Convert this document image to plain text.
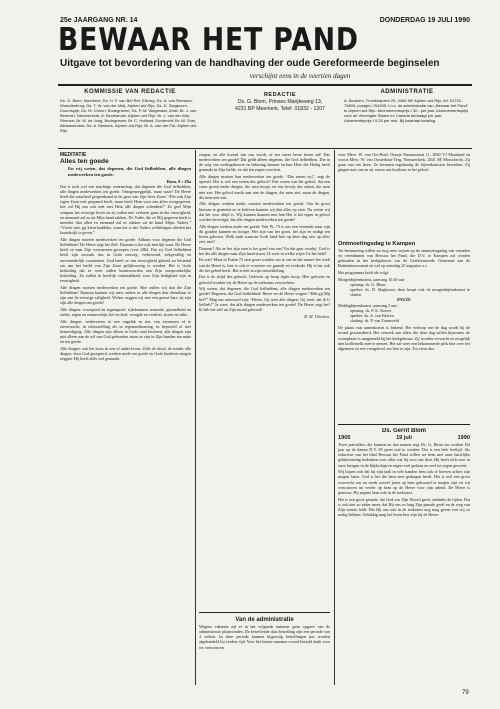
25e JAARGANG NR. 14	DONDERDAG 19 JULI 1990
BEWAAR HET PAND
Uitgave tot bevordering van de handhaving der oude Gereformeerde beginselen
verschijnt eens in de veertien dagen
KOMMISSIE VAN REDACTIE
Ds. G. Blom, Meerkerk; Ds. H. F. van Bel Ret. Ellerug; Ds. A. van Renssen, Woerdenburg; Ds. T. W. van der Meij, Alphen a/d Rijn; Ds. D. Slagboom, Doornspijk; Ds. M. Chiron, Bodegraven; Ds. P. M. Wagenaar, Zeist; Br. J. van Bemmel, Nieuwerkerk; A. Bevelander, Alphen a/d Rijn; Br. J. van der Wal, Rhenen; Br. W. de Jong, Bodegraven; Br. C. Hofland, Dordrecht; Br. W. Snel, Alblasserdam; Ds. A. Beukers, Alphen a/d Rijn; Br. A. van der Pol, Alphen a/d Rijn.
REDACTIE
Ds. G. Blom, Prinses Marijkeweg 13,
4231 BP Meerkerk, Telef. 01832 - 1207
ADMINISTRATIE
A. Beukers, Troelstraplein 29, 2406 NE Alphen a/d Rijn, tel. 01720 - 75605, postgiro 764305, t.n.v. de administratie van „Bewaar het Pand” te Alphen a/d Rijn. Abonnementsprijs f 32,- per jaar. Abonnementsprijs voor de Verenigde Staten en Canada bedraagt per jaar. Advertentieprijs f 0,25 per mm. Bij kwartaal betaling.
MEDITATIE
Alles ten goede

En wij weten, dat degenen, die God liefhebben, alle dingen medewerken ten goede.

Rom. 8 : 28a

Dat is toch wel een machtige wetenschap, dat degenen die God liefhebben, alle dingen medewerken ten goede. Ontegenzeggelijk, maar waar? De Heere heeft die waarheid geopenbaard in de gave van Zijn lieve Zoon! “Die ook Zijn eigen Zoon niet gespaard heeft, maar heeft Hem voor ons allen overgegeven, hoe zal Hij ons ook niet met Hem alle dingen schenken?” Ze geel Mijn schapen het eeuwige leven en zij zullen niet verloren gaan in der eeuwigheid, en niemand zal ze uit Mijn hand rukken. De Vader, die ze Mij gegeven heeft is meerder dan allen en niemand zal ze rukken uit de hand Mijns Vaders.” “Vreest niet, gij klein kuddeke, want het is des Vaders welbehagen ulieden het koninkrijk te geven.”

Alle dingen moeten medewerken ten goede. Althans voor degenen die God liefhebben! De Heere zegt het Zelf. Daarom is het ook heerlijk waar. De Heere heeft ze naar Zijn voornemen geroepen (vers 28b). Dat zij God liefhebben heeft zijn oorzaak dus in Gods eeuwig, verkiezend, welgevallig en onveranderlijk voornemen. God heeft ze van eeuwigheid gekend en bestemd om aan het beeld van Zijn Zoon gelijkvormig te worden. Het is Gods bedoeling dat ze weer zullen beantwoorden aan Zijn oorspronkelijke bedoeling. Ze zullen in heerlijk volmaaktheid voor Zijn heiligheid zijn in eeuwigheid.

Alle dingen moeten medewerken ten goede. Hoe zullen wij dan die Zijn liefhebben! Daarom kunnen wij niets anders in alle dingen dan dienstbaar te zijn aan de eeuwige zaligheid. Weleer zeggen wij met een gerust hart: zij zijn zijn alle dingen ten goede!

Alle dingen: voorspoed en tegenspoed, rijkdommen armoede, gezondheid en ziekte, regen en zonneschijn, lief en leed, vreugde en verdriet, storm en stilte.

Alle dingen: wedervaren in een ongeluk in iets van toenemen of te onverwacht, in teleurstelling als in tegemoetkoming, in beproefd of met bemoediging. Alle dingen zijn alleen in Gods raad besloten, alle dingen zijn niet alleen aan de wil van God gebonden, maar ze zijn in Zijn handen ten nutte en ten goede.

Alle dingen: ook het kruis in een of ander leven. Zelfs de dood, de zonde; alle dingen, door God geregeerd, werken mede ten goede en Gods kinderen mogen zeggen: Hij heeft alles wel gemaakt.

zorgen, en alle kwaad van ons wordt, of ten onzes beste keren zal! Das medewerken ten goede! Dat geldt alleen degenen, die God liefhebben. Die in de weg van wedergeboorte en bekering kennen en hun Heer die Heilig heeft gemaakt in Zijn liefde, en dat ten zegen voor hen.

Alle dingen moeten hun medewerken ten goede. “Dat weten wij”, zegt de apostel. Het is wel een weten des geloofs! Een weten van het geloof, dat een vaste grond onder dingen, die men hoopt, en een bewijs der zaken, die men niet ziet. Het geloof merkt aan niet de dingen, die men ziet, maar de dingen, die men niet ziet.

Alle dingen werken mede, moeten medewerken ten goede. Om de groot hiervan te genieten en te beleven kunnen wij dan alles op zien. Nu weten wij dat het voor altijd is. Wij kunnen daarom met hun Het is het eigen in geloof worden bevestigd, dat alle dingen medewerken ten goede!

Alle dingen werken mede ten goede. Wat Ps. 73 is ons een vreemde waar zijn dit gouden kunnen en hoogte. Het zijn van het groot, het zijn en nodigt ten leven geboren. Welk zaak waarom Gods kind hier op deze dag niet op alles ziet, niet?

Daarom? Als ze het zijn zien is het goed van ons! En dat gaat voorbij. God is het die alle dingen naar Zijn hand stuurt. Ik weet in welke wijze Ge het hebt?

En wat? Maar in Psalm 73 zien gezet worden om te ons en het nauwe het werk van de Heere is, hier is ook te voorzien ver gaande en verdrukt. Hij is het ook die het gebed heeft. Het is niet in zijn ontwikkeling.

Dat is de strijd des geloofs. Geloven op hoop tegen hoop. Hier geloven en geloofd worden wij de Heere op de toekomst verwachten.

Wij weten, dat degenen, die God liefhebben, alle dingen medewerken ten goede! Degenen, die God liefhebben! Heere we de Heere vragen: “Heb gij Mij lief?” Mag ons antwoord zijn: “Heere, Gij weet alle dingen; Gij weet, dat ik U liefheb!” Ja weet, dat alle dingen medewerken ten goede! De Heere zegt het! Ik heb het zelf uit Zijn mond gehoord!

D. M. Vlietstra.
Van de administratie

Wegens vakantie zal er in het volgende nummer geen opgave van de administratie plaatsvinden. De betreffende data bestelling zijn een periode van 4 weken. In deze periode kunnen bijgevolg bestellingen pas worden afgehandeld bij verdere tijd. Voor het laatste nummer vooraf betaald dank voor uw vertrouwen.

voor Mevr. W. van Ooi-Boel, Oranje Nassaustraat 11, 2830 VJ Maasland en voorts Mevr. W. van Oosterhout-Terg, Nieuwerkerk, 2841 SE Moordrecht. Zij gaan van ons heen. Ze kwamen regelmatig de bijeenkomsten bezoeken. Zij gingen met ons en zij waren ons kostbaar in het geloof.

Ontmoetingsdag te Kampen

Ter herinnering willen we nog eens wijzen op de ontmoetingsdag van vrienden en vriendinnen van Bewaar het Pand, die D.V. te Kampen zal worden gehouden in het kerkgebouw van de Gereformeerde Gemeente aan de Buitennieuwstraat en wel op zaterdag 25 augustus a.s.

Het programma luidt als volgt:

Morgenbijeenkomst, aanvang 10.30 uur:
opening: ds. G. Blom
spreker: ds. D. Slagboom; deze hoopt ook de morgenbijeenkomst te sluiten
PAUZE
Middagbijeenkomst, aanvang 2 uur:
opening: ds. P. K. Keizer
spreker: ds. A. van Ekeren
sluiting: ds. P. van Zonneveld

De plaats van samenkomst is bekend. Het verloop van de dag wordt bij de avond gewaardeerd. Het verzoek aan allen, die deze dag willen bijwonen, de woonplaats is aangemeld bij het kerkgebouw. Zij worden verwacht zo mogelijk met koffiemelk mee te nemen. Het zal weer een bekommerde plek hier over het algemeen en een vreugdevol om hier te zijn. Tot ziens dus.

Ds. Gerrit Blom
1905	19 juli	1990

Twee jaarvallen, die kunnen en dan namen zegt Ds. G. Blom om werken Dit jaar op de datum D.V. 85 jaren oud te worden. Dat is een hele leeftijd. Als redacteur van het blad Bewaar het Pand willen we hem met onze hartelijke gelukwensing bedanken voor alles wat hij voor ons doet. Hij heeft zich voor in onze kringen in de blijdschap en zegen veel gedaan en veel tot zegen geweest.

Wij hopen ook dat hij zijn taak in vele handen hem ook te hoeven achter zijn mogen laten. God is het die hem zeer gedragen heeft. Het is wel een groot voorrecht om nu reeds zoveel jaren op hem gebouwd te mogen zijn en wij vertrouwen nu verder op hem op de Heere voor zijn arbeid. De Heere is getrouw. Hij zegene hem ook in de toekomst.

Het is een grote genade, dat God ons Zijn Woord geeft, ondanks de tijden. Dat is ook niet zo zeker meer, dat Hij ons zo lang Zijn genade geeft en de weg van Zijn wetten leidt. Dat Hij ons ook in de toekomst nog mag geven wat wij zo nodig hebben. Gelukkig mag het leven hier zijn bij de Heere.

79
